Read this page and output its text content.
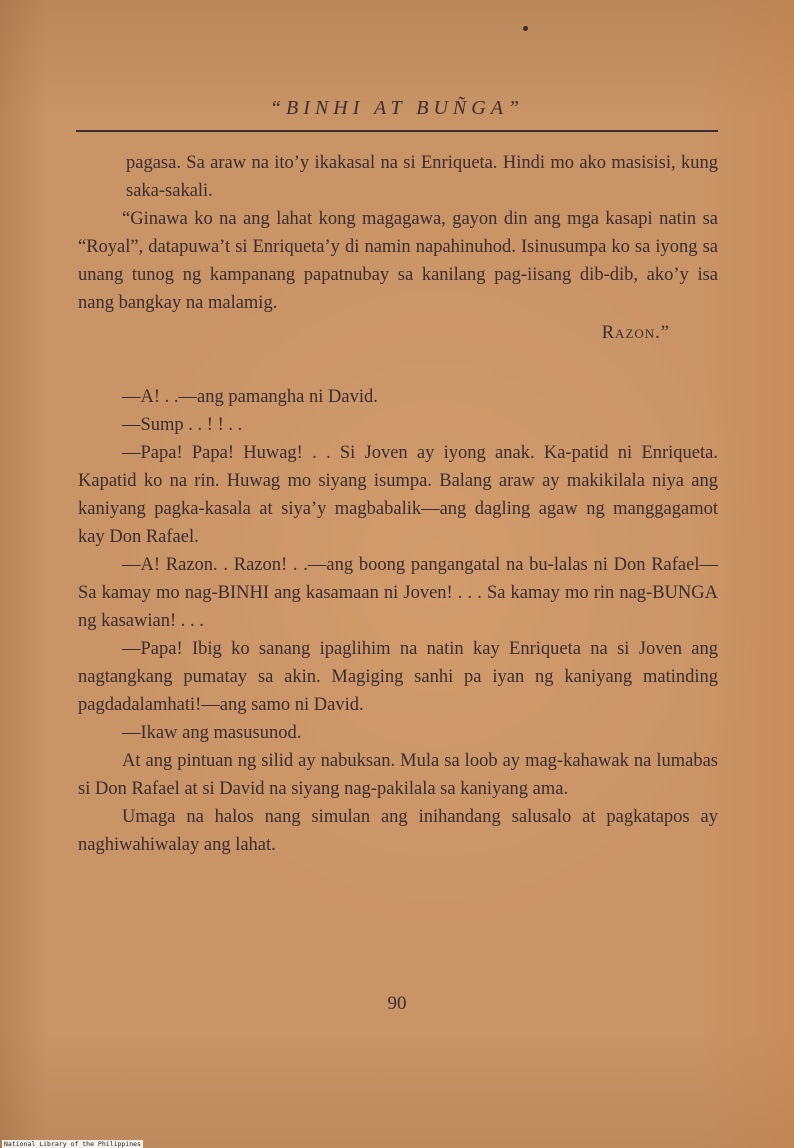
“BINHI AT BUÑGA”

pagasa. Sa araw na ito’y ikakasal na si Enriqueta. Hindi mo ako masisisi, kung saka-sakali.

“Ginawa ko na ang lahat kong magagawa, gayon din ang mga kasapi natin sa “Royal”, datapuwa’t si Enriqueta’y di namin napahinuhod. Isinusumpa ko sa iyong sa unang tunog ng kampanang papatnubay sa kanilang pag-iisang dib-dib, ako’y isa nang bangkay na malamig.

Razon.”

—A! . .—ang pamangha ni David.

—Sump . . ! ! . .

—Papa! Papa! Huwag! . . Si Joven ay iyong anak. Ka-patid ni Enriqueta. Kapatid ko na rin. Huwag mo siyang isumpa. Balang araw ay makikilala niya ang kaniyang pagka-kasala at siya’y magbabalik—ang dagling agaw ng manggagamot kay Don Rafael.

—A! Razon. . Razon! . .—ang boong pangangatal na bu-lalas ni Don Rafael—Sa kamay mo nag-BINHI ang kasamaan ni Joven! . . . Sa kamay mo rin nag-BUNGA ng kasawian! . . .

—Papa! Ibig ko sanang ipaglihim na natin kay Enriqueta na si Joven ang nagtangkang pumatay sa akin. Magiging sanhi pa iyan ng kaniyang matinding pagdadalamhati!—ang samo ni David.

—Ikaw ang masusunod.

At ang pintuan ng silid ay nabuksan. Mula sa loob ay mag-kahawak na lumabas si Don Rafael at si David na siyang nag-pakilala sa kaniyang ama.

Umaga na halos nang simulan ang inihandang salusalo at pagkatapos ay naghiwahiwalay ang lahat.

90
National Library of the Philippines
